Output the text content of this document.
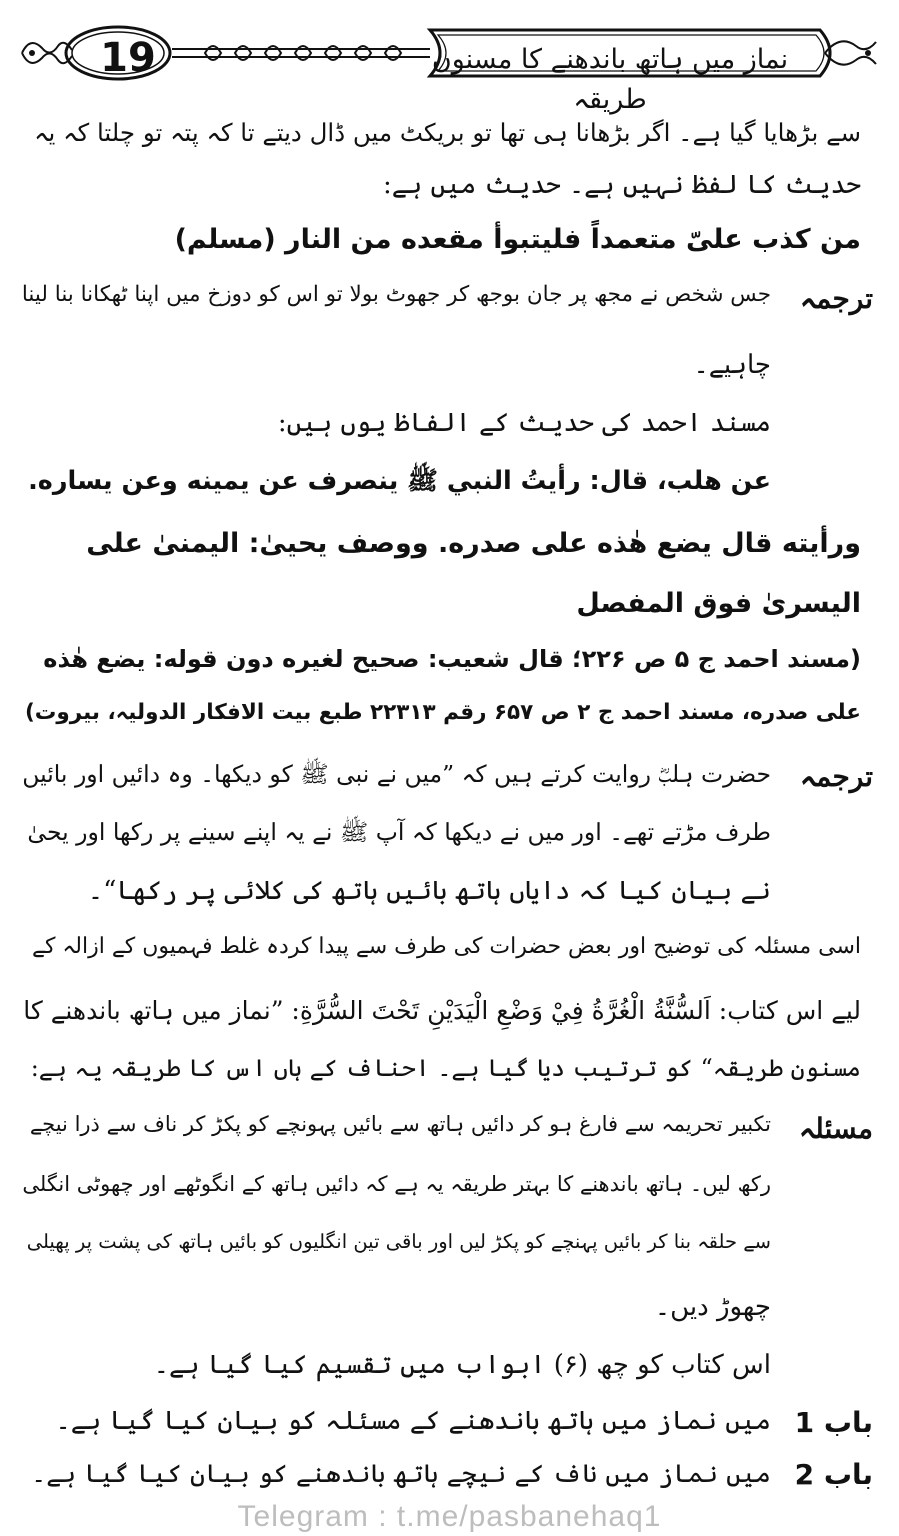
19	نماز میں ہاتھ باندھنے کا مسنون طریقہ
سے بڑھایا گیا ہے۔ اگر بڑھانا ہی تھا تو بریکٹ میں ڈال دیتے تا کہ پتہ تو چلتا کہ یہ
حدیث کا لفظ نہیں ہے۔ حدیث میں ہے:
من کذب علیّ متعمداً فلیتبوأ مقعده من النار (مسلم)
ترجمہ
جس شخص نے مجھ پر جان بوجھ کر جھوٹ بولا تو اس کو دوزخ میں اپنا ٹھکانا بنا لینا
چاہیے۔
مسند احمد کی حدیث کے الفاظ یوں ہیں:
عن هلب، قال: رأيتُ النبي ﷺ ينصرف عن يمينه وعن يساره.
ورأيته قال يضع هٰذه على صدره. ووصف يحيىٰ: اليمنىٰ على
اليسرىٰ فوق المفصل
(مسند احمد ج ۵ ص ۲۲۶؛ قال شعيب: صحيح لغيره دون قوله: يضع هٰذه
على صدره، مسند احمد ج ۲ ص ۶۵۷ رقم ۲۲۳۱۳ طبع بیت الافکار الدولیہ، بیروت)
ترجمہ
حضرت ہلبؓ روایت کرتے ہیں کہ ”میں نے نبی ﷺ کو دیکھا۔ وہ دائیں اور بائیں
طرف مڑتے تھے۔ اور میں نے دیکھا کہ آپ ﷺ نے یہ اپنے سینے پر رکھا اور یحیٰ
نے بیان کیا کہ دایاں ہاتھ بائیں ہاتھ کی کلائی پر رکھا“۔
اسی مسئلہ کی توضیح اور بعض حضرات کی طرف سے پیدا کردہ غلط فہمیوں کے ازالہ کے
لیے اس کتاب: اَلسُّنَّةُ الْغُرَّةُ فِيْ وَضْعِ الْيَدَيْنِ تَحْتَ السُّرَّةِ: ”نماز میں ہاتھ باندھنے کا
مسنون طریقہ“ کو ترتیب دیا گیا ہے۔ احناف کے ہاں اس کا طریقہ یہ ہے:
مسئلہ
تکبیر تحریمہ سے فارغ ہو کر دائیں ہاتھ سے بائیں پہونچے کو پکڑ کر ناف سے ذرا نیچے
رکھ لیں۔ ہاتھ باندھنے کا بہتر طریقہ یہ ہے کہ دائیں ہاتھ کے انگوٹھے اور چھوٹی انگلی
سے حلقہ بنا کر بائیں پہنچے کو پکڑ لیں اور باقی تین انگلیوں کو بائیں ہاتھ کی پشت پر پھیلی
چھوڑ دیں۔
اس کتاب کو چھ (۶) ابواب میں تقسیم کیا گیا ہے۔
باب 1
میں نماز میں ہاتھ باندھنے کے مسئلہ کو بیان کیا گیا ہے۔
باب 2
میں نماز میں ناف کے نیچے ہاتھ باندھنے کو بیان کیا گیا ہے۔
Telegram : t.me/pasbanehaq1
